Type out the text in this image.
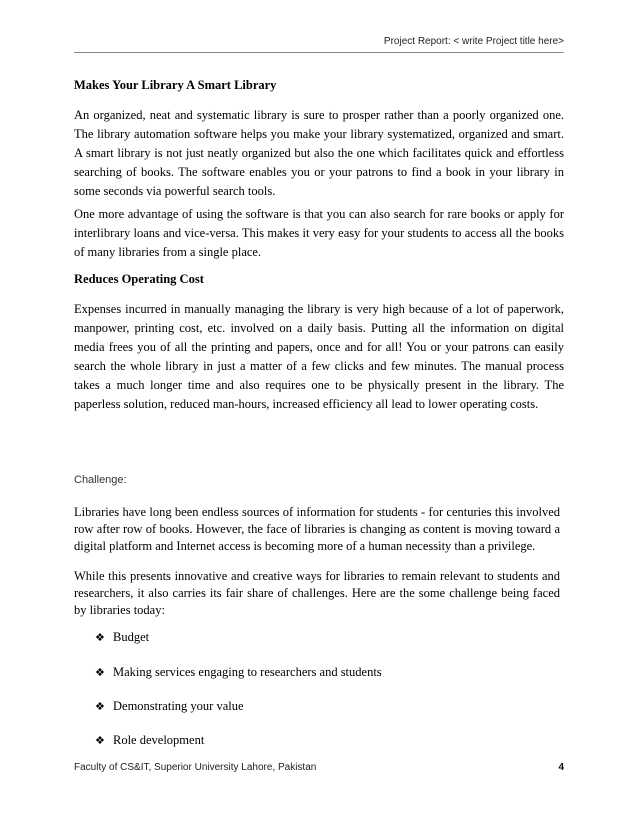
Project Report: < write Project title here>
Makes Your Library A Smart Library
An organized, neat and systematic library is sure to prosper rather than a poorly organized one. The library automation software helps you make your library systematized, organized and smart. A smart library is not just neatly organized but also the one which facilitates quick and effortless searching of books. The software enables you or your patrons to find a book in your library in some seconds via powerful search tools.
One more advantage of using the software is that you can also search for rare books or apply for interlibrary loans and vice-versa. This makes it very easy for your students to access all the books of many libraries from a single place.
Reduces Operating Cost
Expenses incurred in manually managing the library is very high because of a lot of paperwork, manpower, printing cost, etc. involved on a daily basis. Putting all the information on digital media frees you of all the printing and papers, once and for all! You or your patrons can easily search the whole library in just a matter of a few clicks and few minutes. The manual process takes a much longer time and also requires one to be physically present in the library. The paperless solution, reduced man-hours, increased efficiency all lead to lower operating costs.
Challenge:
Libraries have long been endless sources of information for students - for centuries this involved row after row of books. However, the face of libraries is changing as content is moving toward a digital platform and Internet access is becoming more of a human necessity than a privilege.
While this presents innovative and creative ways for libraries to remain relevant to students and researchers, it also carries its fair share of challenges. Here are the some challenge being faced by libraries today:
❖ Budget
❖ Making services engaging to researchers and students
❖ Demonstrating your value
❖ Role development
Faculty of CS&IT, Superior University Lahore, Pakistan	4
